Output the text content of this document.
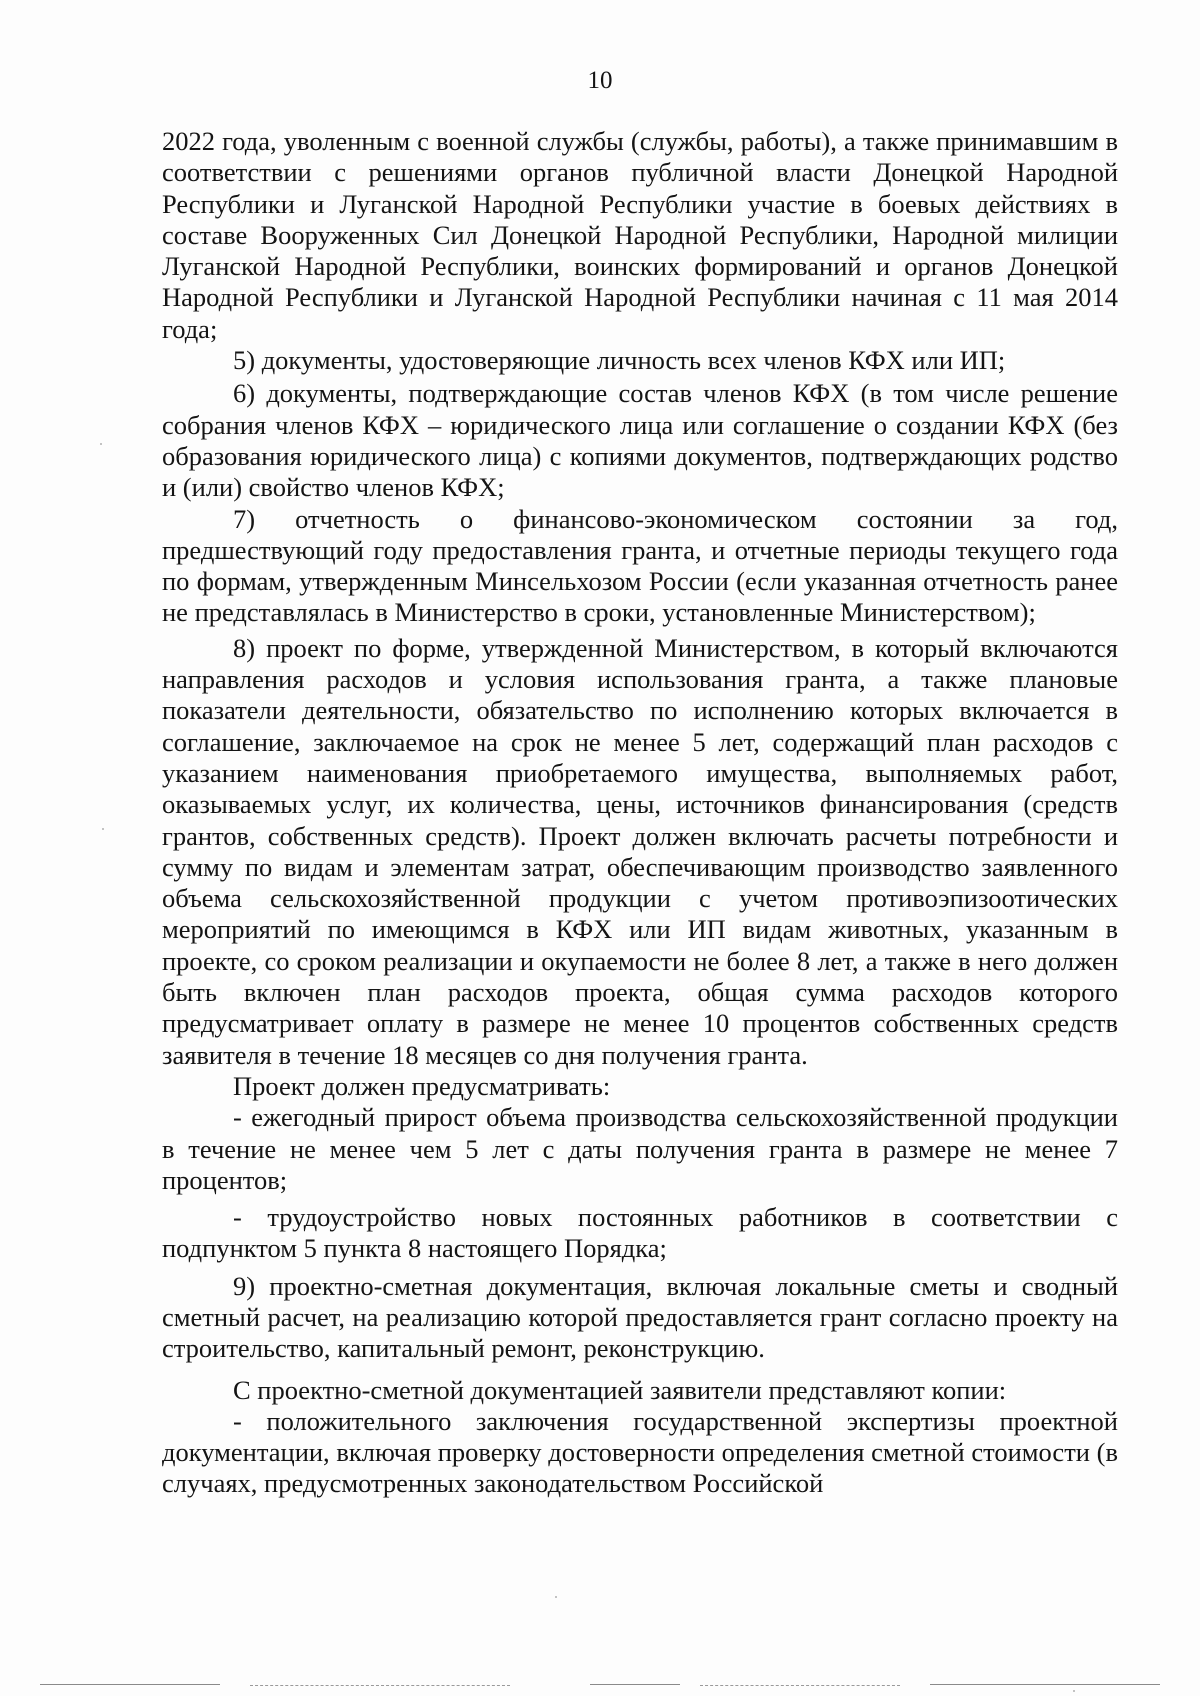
10

2022 года, уволенным с военной службы (службы, работы), а также принимавшим в соответствии с решениями органов публичной власти Донецкой Народной Республики и Луганской Народной Республики участие в боевых действиях в составе Вооруженных Сил Донецкой Народной Республики, Народной милиции Луганской Народной Республики, воинских формирований и органов Донецкой Народной Республики и Луганской Народной Республики начиная с 11 мая 2014 года;

5) документы, удостоверяющие личность всех членов КФХ или ИП;

6) документы, подтверждающие состав членов КФХ (в том числе решение собрания членов КФХ – юридического лица или соглашение о создании КФХ (без образования юридического лица) с копиями документов, подтверждающих родство и (или) свойство членов КФХ;

7) отчетность о финансово-экономическом состоянии за год, предшествующий году предоставления гранта, и отчетные периоды текущего года по формам, утвержденным Минсельхозом России (если указанная отчетность ранее не представлялась в Министерство в сроки, установленные Министерством);

8) проект по форме, утвержденной Министерством, в который включаются направления расходов и условия использования гранта, а также плановые показатели деятельности, обязательство по исполнению которых включается в соглашение, заключаемое на срок не менее 5 лет, содержащий план расходов с указанием наименования приобретаемого имущества, выполняемых работ, оказываемых услуг, их количества, цены, источников финансирования (средств грантов, собственных средств). Проект должен включать расчеты потребности и сумму по видам и элементам затрат, обеспечивающим производство заявленного объема сельскохозяйственной продукции с учетом противоэпизоотических мероприятий по имеющимся в КФХ или ИП видам животных, указанным в проекте, со сроком реализации и окупаемости не более 8 лет, а также в него должен быть включен план расходов проекта, общая сумма расходов которого предусматривает оплату в размере не менее 10 процентов собственных средств заявителя в течение 18 месяцев со дня получения гранта.

Проект должен предусматривать:

- ежегодный прирост объема производства сельскохозяйственной продукции в течение не менее чем 5 лет с даты получения гранта в размере не менее 7 процентов;

- трудоустройство новых постоянных работников в соответствии с подпунктом 5 пункта 8 настоящего Порядка;

9) проектно-сметная документация, включая локальные сметы и сводный сметный расчет, на реализацию которой предоставляется грант согласно проекту на строительство, капитальный ремонт, реконструкцию.

С проектно-сметной документацией заявители представляют копии:

- положительного заключения государственной экспертизы проектной документации, включая проверку достоверности определения сметной стоимости (в случаях, предусмотренных законодательством Российской
